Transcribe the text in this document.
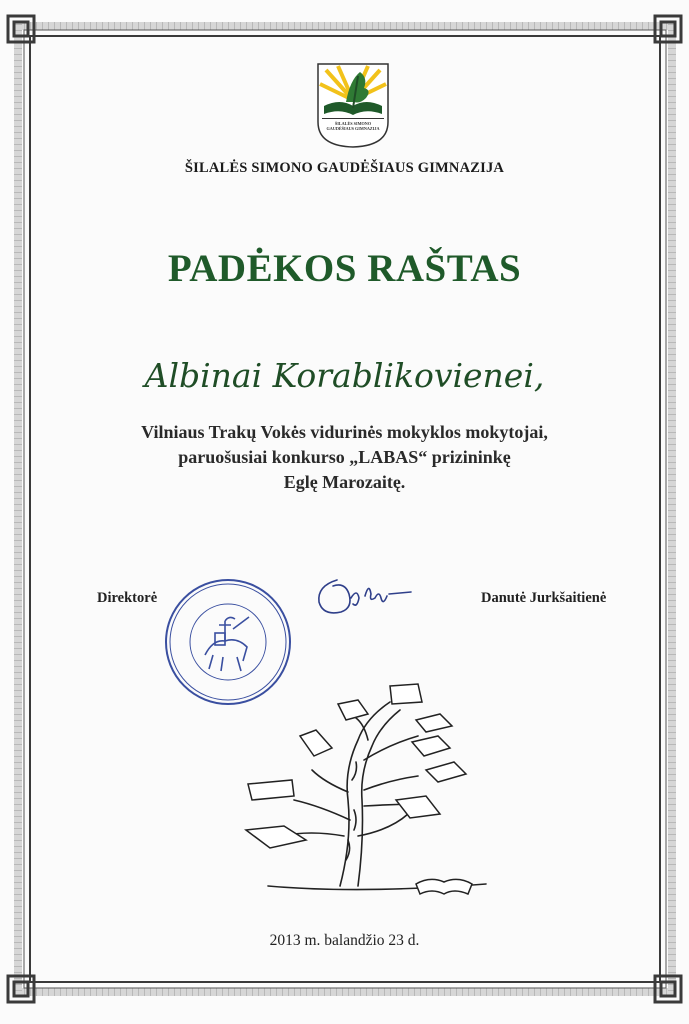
ŠILALĖS SIMONO GAUDĖŠIAUS GIMNAZIJA
ŠILALĖS SIMONO GAUDĖŠIAUS GIMNAZIJA
PADĖKOS RAŠTAS
Albinai Korablikovienei,
Vilniaus Trakų Vokės vidurinės mokyklos mokytojai,
paruošusiai konkurso „LABAS“ prizininkę
Eglę Marozaitę.
Direktorė	Danutė Jurkšaitienė
2013 m. balandžio 23 d.
